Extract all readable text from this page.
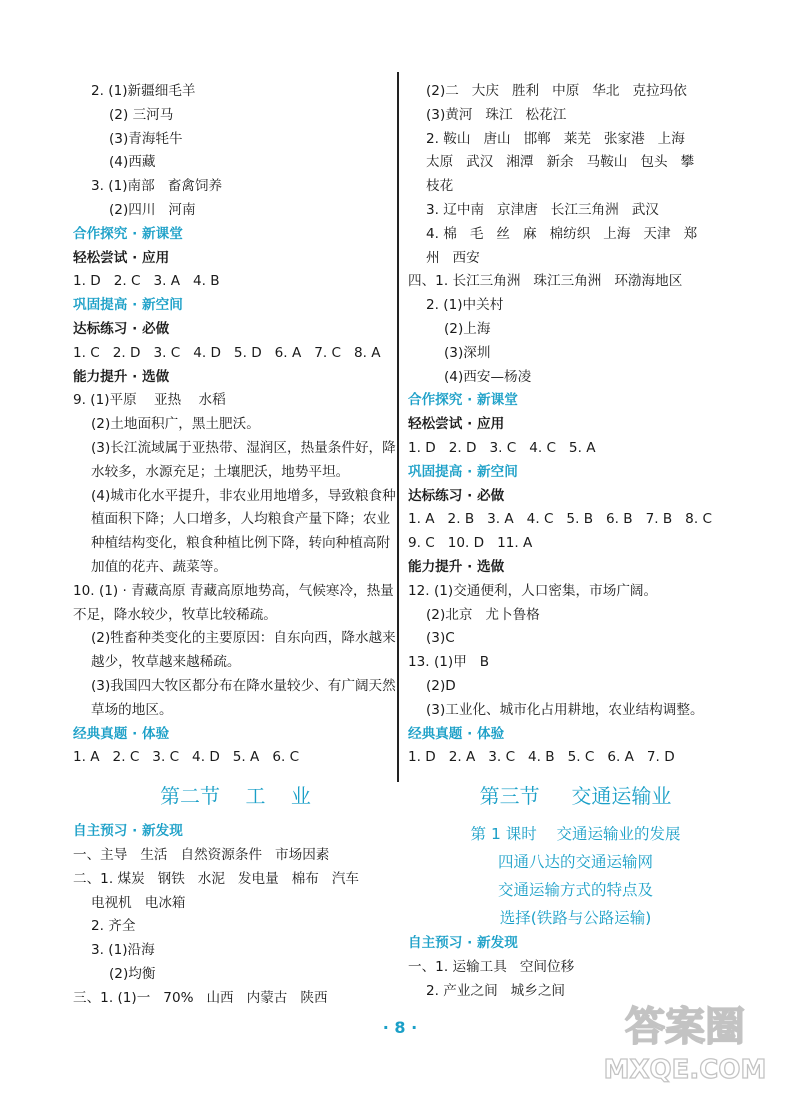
2. (1)新疆细毛羊
(2) 三河马
(3)青海牦牛
(4)西藏
3. (1)南部   畜禽饲养
(2)四川   河南
合作探究 · 新课堂
轻松尝试 · 应用
1. D   2. C   3. A   4. B
巩固提高 · 新空间
达标练习 · 必做
1. C   2. D   3. C   4. D   5. D   6. A   7. C   8. A
能力提升 · 选做
9. (1)平原    亚热    水稻
(2)土地面积广，黑土肥沃。
(3)长江流域属于亚热带、湿润区，热量条件好，降水较多，水源充足；土壤肥沃，地势平坦。
(4)城市化水平提升，非农业用地增多，导致粮食种植面积下降；人口增多，人均粮食产量下降；农业种植结构变化，粮食种植比例下降，转向种植高附加值的花卉、蔬菜等。
10. (1) · 青藏高原 青藏高原地势高，气候寒冷，热量不足，降水较少，牧草比较稀疏。
(2)牲畜种类变化的主要原因：自东向西，降水越来越少，牧草越来越稀疏。
(3)我国四大牧区都分布在降水量较少、有广阔天然草场的地区。
经典真题 · 体验
1. A   2. C   3. C   4. D   5. A   6. C
第二节    工    业
自主预习 · 新发现
一、主导   生活   自然资源条件   市场因素
二、1. 煤炭   钢铁   水泥   发电量   棉布   汽车
电视机   电冰箱
2. 齐全
3. (1)沿海
(2)均衡
三、1. (1)一   70%   山西   内蒙古   陕西
(2)二   大庆   胜利   中原   华北   克拉玛依
(3)黄河   珠江   松花江
2. 鞍山   唐山   邯郸   莱芜   张家港   上海
太原   武汉   湘潭   新余   马鞍山   包头   攀
枝花
3. 辽中南   京津唐   长江三角洲   武汉
4. 棉   毛   丝   麻   棉纺织   上海   天津   郑
州   西安
四、1. 长江三角洲   珠江三角洲   环渤海地区
2. (1)中关村
(2)上海
(3)深圳
(4)西安—杨凌
合作探究 · 新课堂
轻松尝试 · 应用
1. D   2. D   3. C   4. C   5. A
巩固提高 · 新空间
达标练习 · 必做
1. A   2. B   3. A   4. C   5. B   6. B   7. B   8. C
9. C   10. D   11. A
能力提升 · 选做
12. (1)交通便利，人口密集，市场广阔。
(2)北京   尤卜鲁格
(3)C
13. (1)甲   B
(2)D
(3)工业化、城市化占用耕地，农业结构调整。
经典真题 · 体验
1. D   2. A   3. C   4. B   5. C   6. A   7. D
第三节     交通运输业
第 1 课时    交通运输业的发展
四通八达的交通运输网
交通运输方式的特点及
选择(铁路与公路运输)
自主预习 · 新发现
一、1. 运输工具   空间位移
2. 产业之间   城乡之间
· 8 ·	答案圈
MXQE.COM
